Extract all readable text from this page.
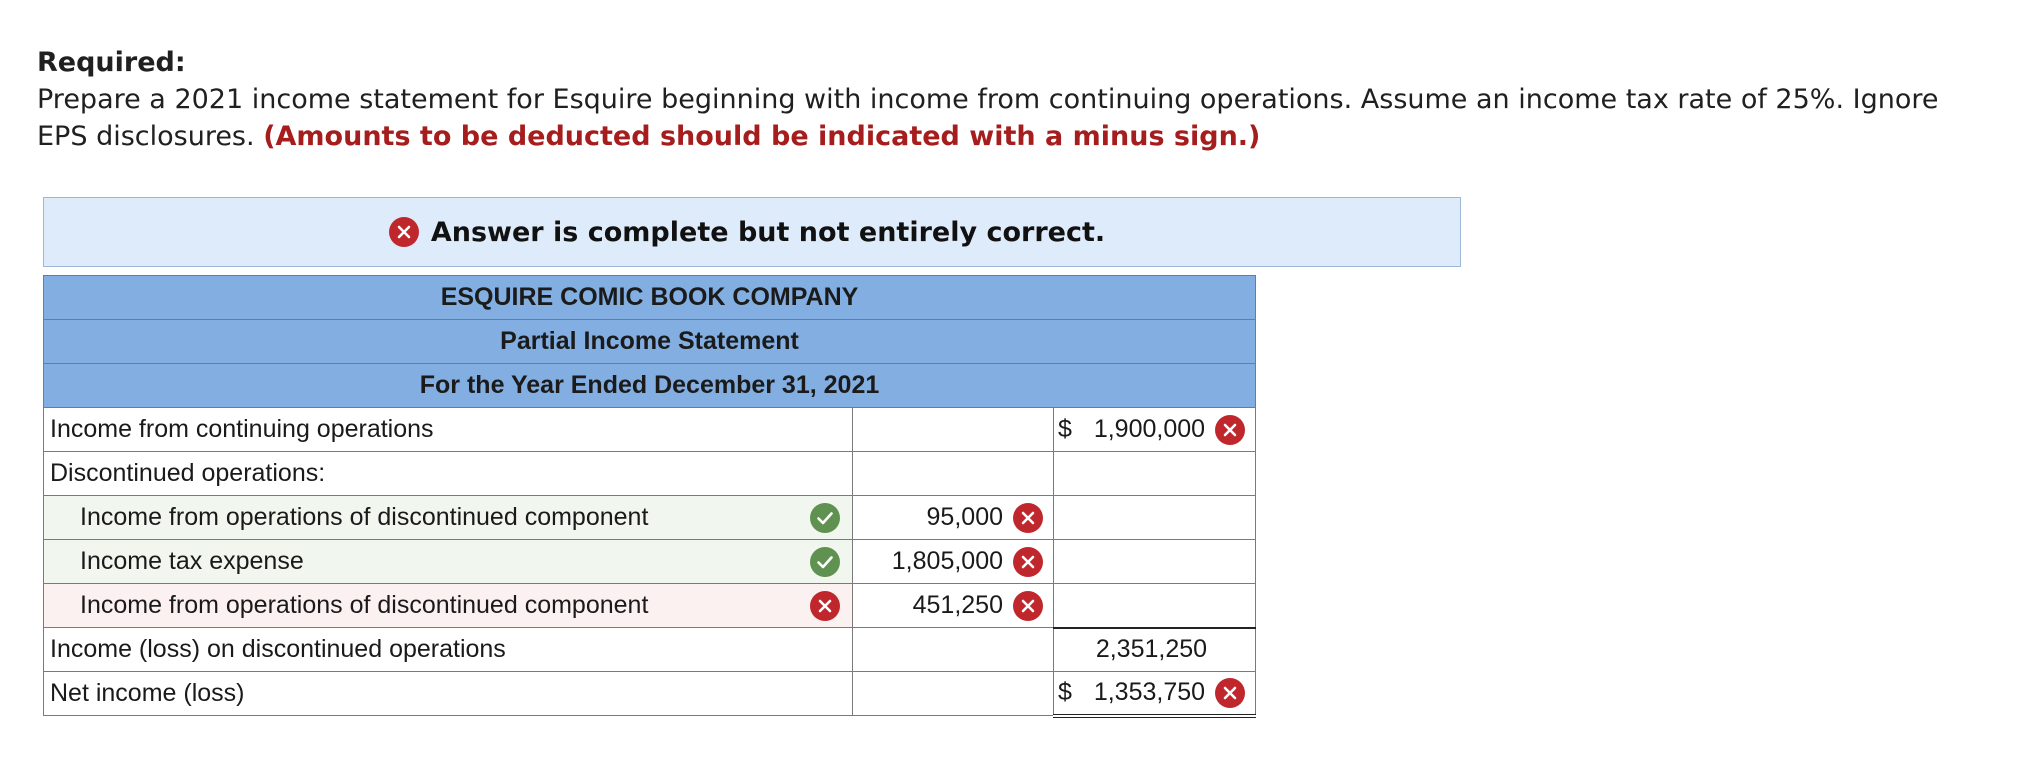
Required:
Prepare a 2021 income statement for Esquire beginning with income from continuing operations. Assume an income tax rate of 25%. Ignore EPS disclosures. (Amounts to be deducted should be indicated with a minus sign.)
Answer is complete but not entirely correct.
ESQUIRE COMIC BOOK COMPANY		
Partial Income Statement		
For the Year Ended December 31, 2021		
Income from continuing operations		$ 1,900,000

Discontinued operations:		

Income from operations of discontinued component	95,000	

Income tax expense	1,805,000	

Income from operations of discontinued component	451,250	

Income (loss) on discontinued operations		2,351,250

Net income (loss)		$ 1,353,750
